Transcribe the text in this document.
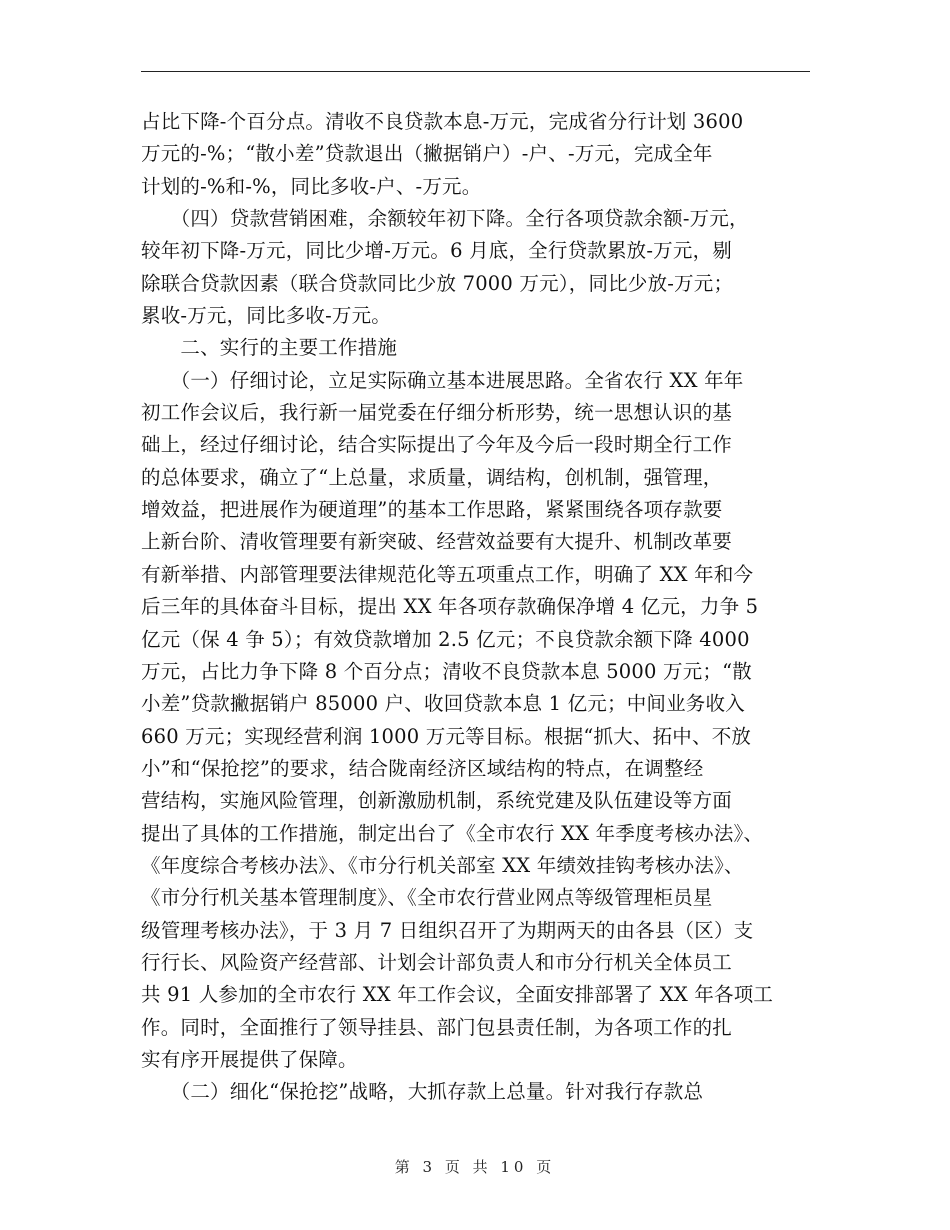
占比下降-个百分点。清收不良贷款本息-万元，完成省分行计划 3600
万元的-%；“散小差”贷款退出（撇据销户）-户、-万元，完成全年
计划的-%和-%，同比多收-户、-万元。
　　（四）贷款营销困难，余额较年初下降。全行各项贷款余额-万元，
较年初下降-万元，同比少增-万元。6 月底，全行贷款累放-万元，剔
除联合贷款因素（联合贷款同比少放 7000 万元），同比少放-万元；
累收-万元，同比多收-万元。
　　二、实行的主要工作措施
　　（一）仔细讨论，立足实际确立基本进展思路。全省农行 XX 年年
初工作会议后，我行新一届党委在仔细分析形势，统一思想认识的基
础上，经过仔细讨论，结合实际提出了今年及今后一段时期全行工作
的总体要求，确立了“上总量，求质量，调结构，创机制，强管理，
增效益，把进展作为硬道理”的基本工作思路，紧紧围绕各项存款要
上新台阶、清收管理要有新突破、经营效益要有大提升、机制改革要
有新举措、内部管理要法律规范化等五项重点工作，明确了 XX 年和今
后三年的具体奋斗目标，提出 XX 年各项存款确保净增 4 亿元，力争 5
亿元（保 4 争 5）；有效贷款增加 2.5 亿元；不良贷款余额下降 4000
万元，占比力争下降 8 个百分点；清收不良贷款本息 5000 万元；“散
小差”贷款撇据销户 85000 户、收回贷款本息 1 亿元；中间业务收入
660 万元；实现经营利润 1000 万元等目标。根据“抓大、拓中、不放
小”和“保抢挖”的要求，结合陇南经济区域结构的特点，在调整经
营结构，实施风险管理，创新激励机制，系统党建及队伍建设等方面
提出了具体的工作措施，制定出台了《全市农行 XX 年季度考核办法》、
《年度综合考核办法》、《市分行机关部室 XX 年绩效挂钩考核办法》、
《市分行机关基本管理制度》、《全市农行营业网点等级管理柜员星
级管理考核办法》，于 3 月 7 日组织召开了为期两天的由各县（区）支
行行长、风险资产经营部、计划会计部负责人和市分行机关全体员工
共 91 人参加的全市农行 XX 年工作会议，全面安排部署了 XX 年各项工
作。同时，全面推行了领导挂县、部门包县责任制，为各项工作的扎
实有序开展提供了保障。
　　（二）细化“保抢挖”战略，大抓存款上总量。针对我行存款总
第 3 页 共 10 页
